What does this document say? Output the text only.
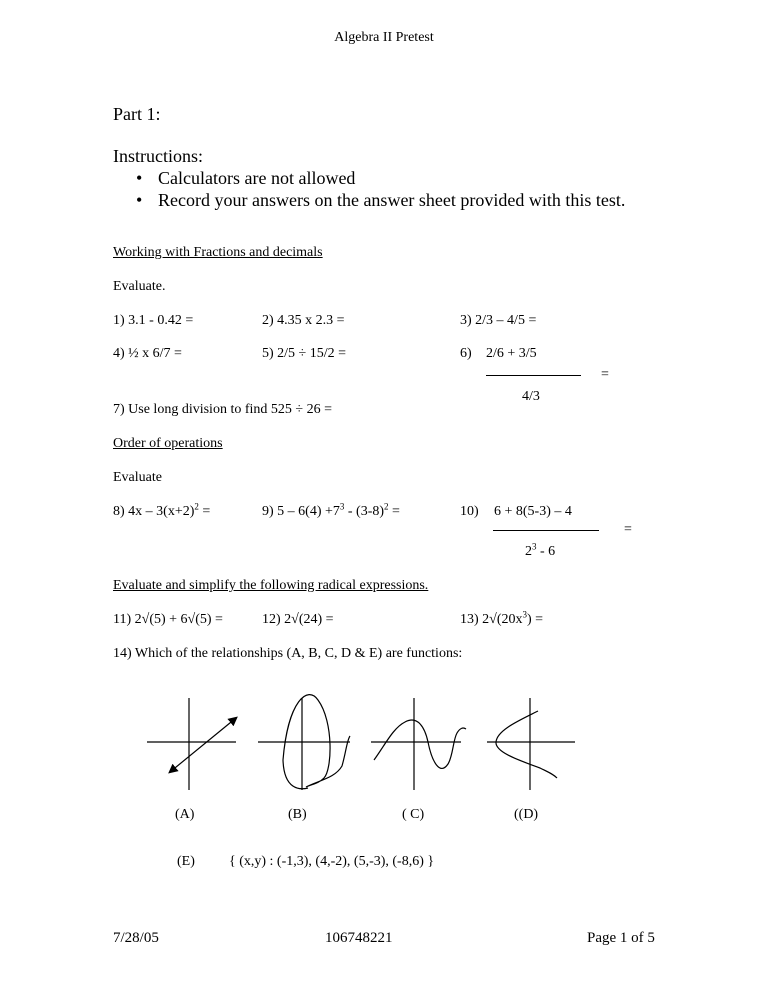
Algebra II Pretest
Part 1:
Instructions:
• Calculators are not allowed
• Record your answers on the answer sheet provided with this test.
Working with Fractions and decimals
Evaluate.
1) 3.1 - 0.42 =	2) 4.35 x 2.3 =	3) 2/3 – 4/5 =
4) ½ x 6/7 =	5) 2/5 ÷ 15/2 =	6) 2/6 + 3/5
=
4/3
7) Use long division to find 525 ÷ 26 =
Order of operations
Evaluate
8) $4x - 3(x+2)^2$ =	9) $5 - 6(4) +7^3 - (3-8)^2$ =	10) 6 + 8(5-3) – 4
=
$2^3 - 6$
Evaluate and simplify the following radical expressions.
11) 2√(5) + 6√(5) =	12) 2√(24) =	13) $2√(20x^3)$ =
14) Which of the relationships (A, B, C, D & E) are functions:
(A)	(B)	( C)	((D)
(E) { (x,y) : (-1,3), (4,-2), (5,-3), (-8,6) }
7/28/05	106748221	Page 1 of 5
